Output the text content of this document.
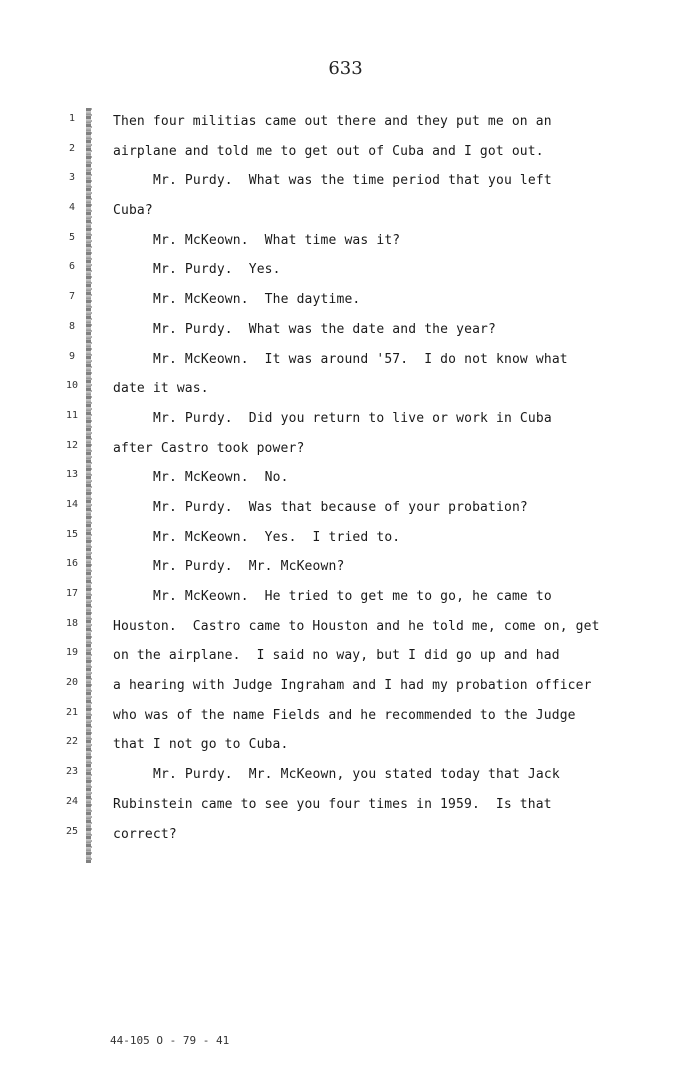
633
1	Then four militias came out there and they put me on an
2	airplane and told me to get out of Cuba and I got out.
3	Mr. Purdy.  What was the time period that you left
4	Cuba?
5	Mr. McKeown.  What time was it?
6	Mr. Purdy.  Yes.
7	Mr. McKeown.  The daytime.
8	Mr. Purdy.  What was the date and the year?
9	Mr. McKeown.  It was around '57.  I do not know what
10	date it was.
11	Mr. Purdy.  Did you return to live or work in Cuba
12	after Castro took power?
13	Mr. McKeown.  No.
14	Mr. Purdy.  Was that because of your probation?
15	Mr. McKeown.  Yes.  I tried to.
16	Mr. Purdy.  Mr. McKeown?
17	Mr. McKeown.  He tried to get me to go, he came to
18	Houston.  Castro came to Houston and he told me, come on, get
19	on the airplane.  I said no way, but I did go up and had
20	a hearing with Judge Ingraham and I had my probation officer
21	who was of the name Fields and he recommended to the Judge
22	that I not go to Cuba.
23	Mr. Purdy.  Mr. McKeown, you stated today that Jack
24	Rubinstein came to see you four times in 1959.  Is that
25	correct?
44-105 O - 79 - 41
